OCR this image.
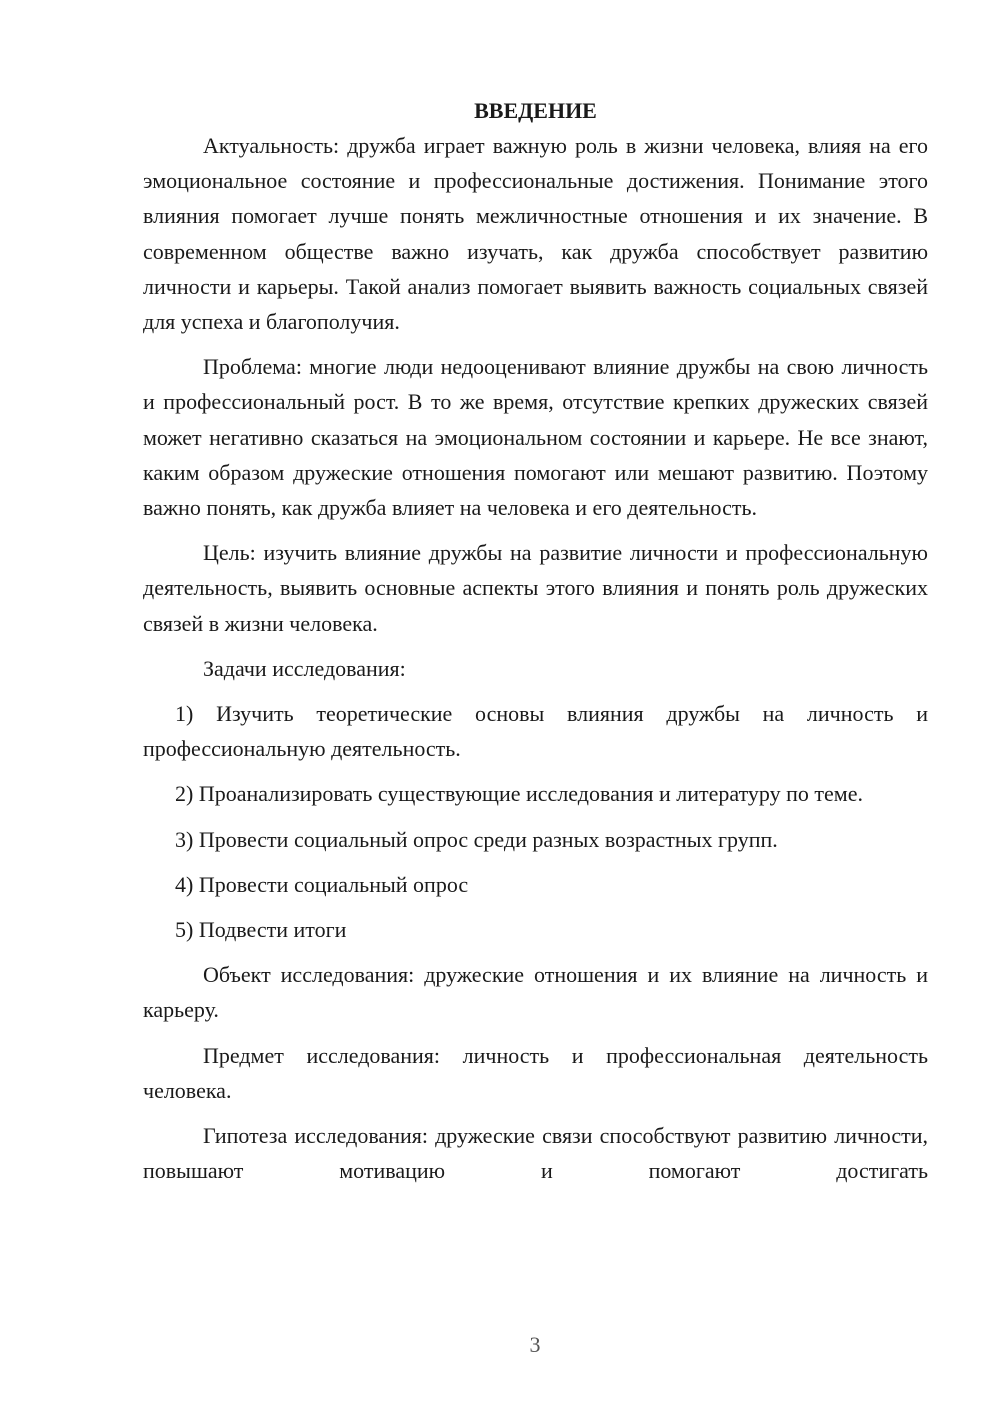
ВВЕДЕНИЕ

Актуальность: дружба играет важную роль в жизни человека, влияя на его эмоциональное состояние и профессиональные достижения. Понимание этого влияния помогает лучше понять межличностные отношения и их значение. В современном обществе важно изучать, как дружба способствует развитию личности и карьеры. Такой анализ помогает выявить важность социальных связей для успеха и благополучия.

Проблема: многие люди недооценивают влияние дружбы на свою личность и профессиональный рост. В то же время, отсутствие крепких дружеских связей может негативно сказаться на эмоциональном состоянии и карьере. Не все знают, каким образом дружеские отношения помогают или мешают развитию. Поэтому важно понять, как дружба влияет на человека и его деятельность.

Цель: изучить влияние дружбы на развитие личности и профессиональную деятельность, выявить основные аспекты этого влияния и понять роль дружеских связей в жизни человека.

Задачи исследования:

1) Изучить теоретические основы влияния дружбы на личность и профессиональную деятельность.

2) Проанализировать существующие исследования и литературу по теме.

3) Провести социальный опрос среди разных возрастных групп.

4) Провести социальный опрос

5) Подвести итоги

Объект исследования: дружеские отношения и их влияние на личность и карьеру.

Предмет исследования: личность и профессиональная деятельность человека.

Гипотеза исследования: дружеские связи способствуют развитию личности, повышают мотивацию и помогают достигать

3
